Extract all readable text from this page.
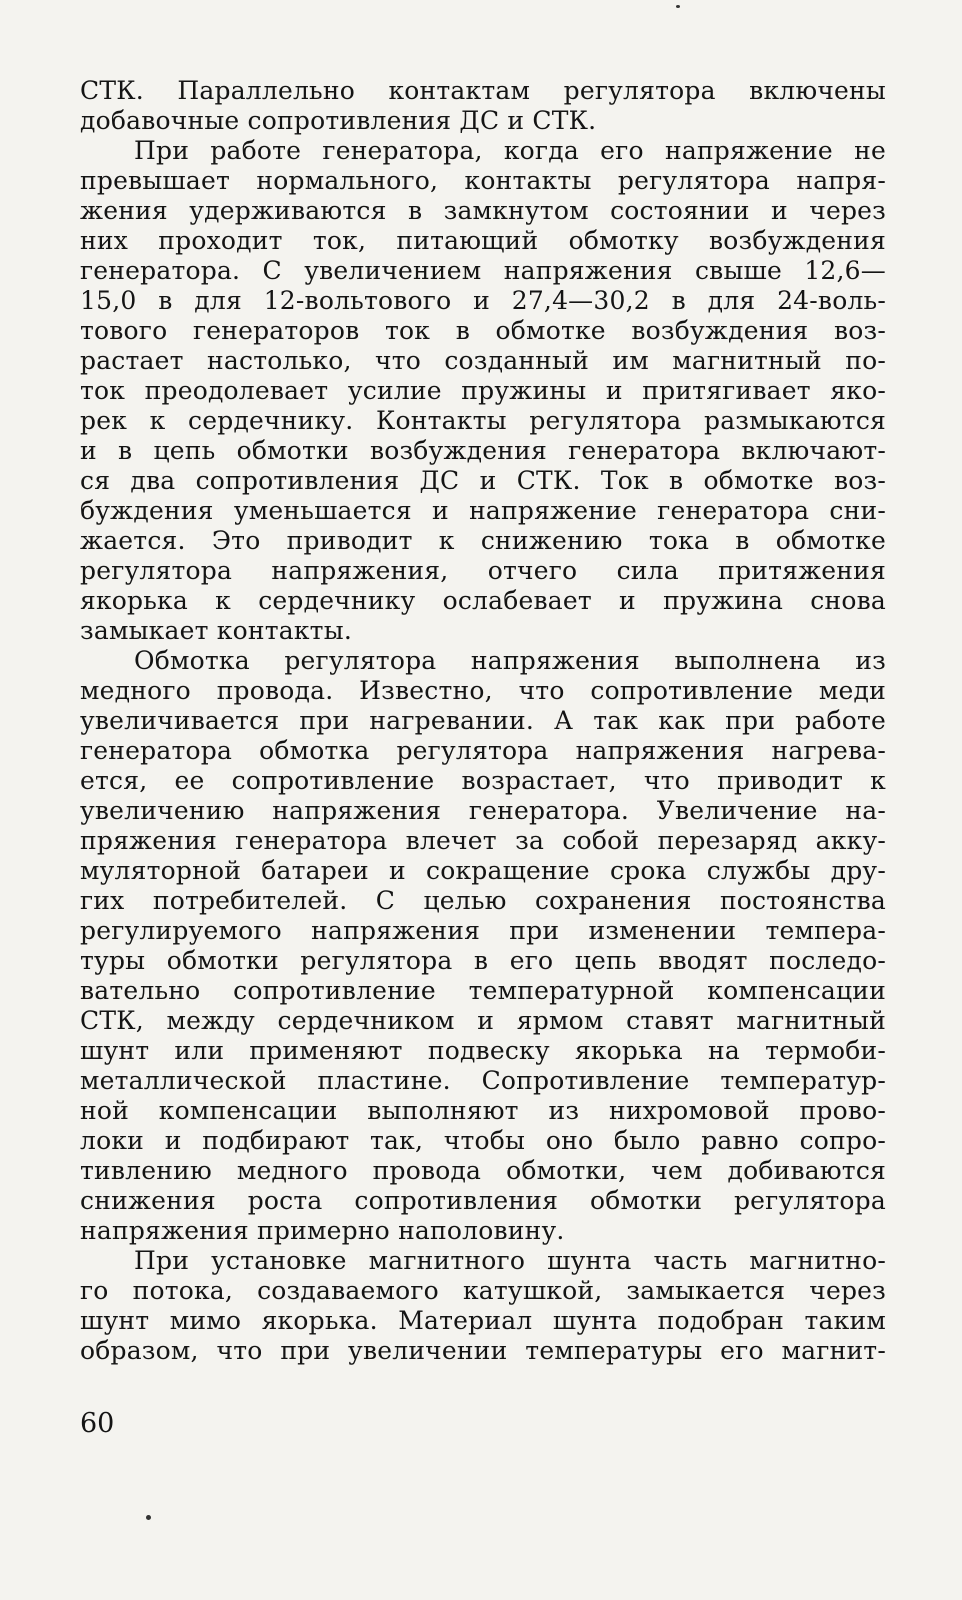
СТК. Параллельно контактам регулятора включены
добавочные сопротивления ДС и СТК.
При работе генератора, когда его напряжение не
превышает нормального, контакты регулятора напря-
жения удерживаются в замкнутом состоянии и через
них проходит ток, питающий обмотку возбуждения
генератора. С увеличением напряжения свыше 12,6—
15,0 в для 12-вольтового и 27,4—30,2 в для 24-воль-
тового генераторов ток в обмотке возбуждения воз-
растает настолько, что созданный им магнитный по-
ток преодолевает усилие пружины и притягивает яко-
рек к сердечнику. Контакты регулятора размыкаются
и в цепь обмотки возбуждения генератора включают-
ся два сопротивления ДС и СТК. Ток в обмотке воз-
буждения уменьшается и напряжение генератора сни-
жается. Это приводит к снижению тока в обмотке
регулятора напряжения, отчего сила притяжения
якорька к сердечнику ослабевает и пружина снова
замыкает контакты.
Обмотка регулятора напряжения выполнена из
медного провода. Известно, что сопротивление меди
увеличивается при нагревании. А так как при работе
генератора обмотка регулятора напряжения нагрева-
ется, ее сопротивление возрастает, что приводит к
увеличению напряжения генератора. Увеличение на-
пряжения генератора влечет за собой перезаряд акку-
муляторной батареи и сокращение срока службы дру-
гих потребителей. С целью сохранения постоянства
регулируемого напряжения при изменении темпера-
туры обмотки регулятора в его цепь вводят последо-
вательно сопротивление температурной компенсации
СТК, между сердечником и ярмом ставят магнитный
шунт или применяют подвеску якорька на термоби-
металлической пластине. Сопротивление температур-
ной компенсации выполняют из нихромовой прово-
локи и подбирают так, чтобы оно было равно сопро-
тивлению медного провода обмотки, чем добиваются
снижения роста сопротивления обмотки регулятора
напряжения примерно наполовину.
При установке магнитного шунта часть магнитно-
го потока, создаваемого катушкой, замыкается через
шунт мимо якорька. Материал шунта подобран таким
образом, что при увеличении температуры его магнит-
60
